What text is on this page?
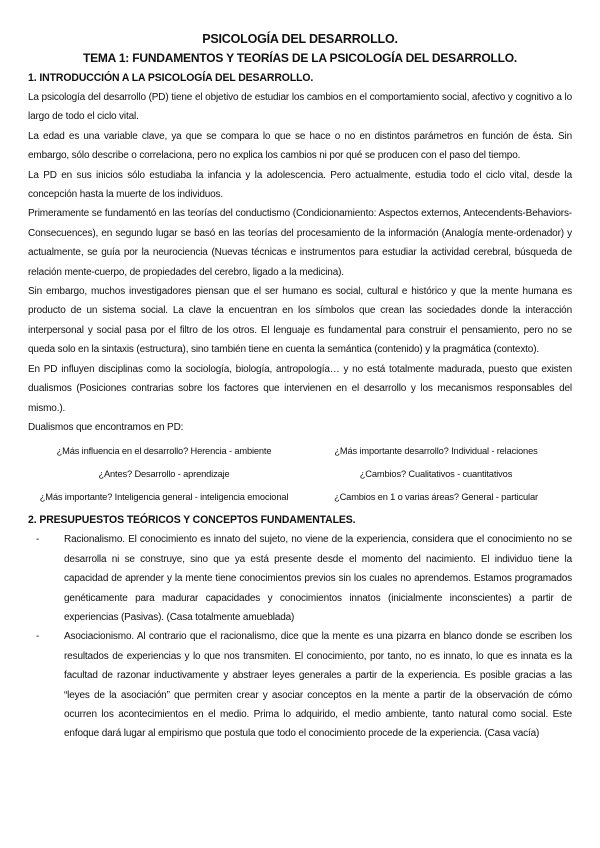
PSICOLOGÍA DEL DESARROLLO.
TEMA 1: FUNDAMENTOS Y TEORÍAS DE LA PSICOLOGÍA DEL DESARROLLO.
1. INTRODUCCIÓN A LA PSICOLOGÍA DEL DESARROLLO.

La psicología del desarrollo (PD) tiene el objetivo de estudiar los cambios en el comportamiento social, afectivo y cognitivo a lo largo de todo el ciclo vital.

La edad es una variable clave, ya que se compara lo que se hace o no en distintos parámetros en función de ésta. Sin embargo, sólo describe o correlaciona, pero no explica los cambios ni por qué se producen con el paso del tiempo.

La PD en sus inicios sólo estudiaba la infancia y la adolescencia. Pero actualmente, estudia todo el ciclo vital, desde la concepción hasta la muerte de los individuos.

Primeramente se fundamentó en las teorías del conductismo (Condicionamiento: Aspectos externos, Antecendents-Behaviors-Consecuences), en segundo lugar se basó en las teorías del procesamiento de la información (Analogía mente-ordenador) y actualmente, se guía por la neurociencia (Nuevas técnicas e instrumentos para estudiar la actividad cerebral, búsqueda de relación mente-cuerpo, de propiedades del cerebro, ligado a la medicina).

Sin embargo, muchos investigadores piensan que el ser humano es social, cultural e histórico y que la mente humana es producto de un sistema social. La clave la encuentran en los símbolos que crean las sociedades donde la interacción interpersonal y social pasa por el filtro de los otros. El lenguaje es fundamental para construir el pensamiento, pero no se queda solo en la sintaxis (estructura), sino también tiene en cuenta la semántica (contenido) y la pragmática (contexto).

En PD influyen disciplinas como la sociología, biología, antropología… y no está totalmente madurada, puesto que existen dualismos (Posiciones contrarias sobre los factores que intervienen en el desarrollo y los mecanismos responsables del mismo.).

Dualismos que encontramos en PD:

¿Más influencia en el desarrollo? Herencia - ambiente	¿Más importante desarrollo? Individual - relaciones
¿Antes? Desarrollo - aprendizaje	¿Cambios? Cualitativos - cuantitativos
¿Más importante? Inteligencia general - inteligencia emocional	¿Cambios en 1 o varias áreas? General - particular
2. PRESUPUESTOS TEÓRICOS Y CONCEPTOS FUNDAMENTALES.
- Racionalismo. El conocimiento es innato del sujeto, no viene de la experiencia, considera que el conocimiento no se desarrolla ni se construye, sino que ya está presente desde el momento del nacimiento. El individuo tiene la capacidad de aprender y la mente tiene conocimientos previos sin los cuales no aprendemos. Estamos programados genéticamente para madurar capacidades y conocimientos innatos (inicialmente inconscientes) a partir de experiencias (Pasivas). (Casa totalmente amueblada)
- Asociacionismo. Al contrario que el racionalismo, dice que la mente es una pizarra en blanco donde se escriben los resultados de experiencias y lo que nos transmiten. El conocimiento, por tanto, no es innato, lo que es innata es la facultad de razonar inductivamente y abstraer leyes generales a partir de la experiencia. Es posible gracias a las “leyes de la asociación” que permiten crear y asociar conceptos en la mente a partir de la observación de cómo ocurren los acontecimientos en el medio. Prima lo adquirido, el medio ambiente, tanto natural como social. Este enfoque dará lugar al empirismo que postula que todo el conocimiento procede de la experiencia. (Casa vacía)
